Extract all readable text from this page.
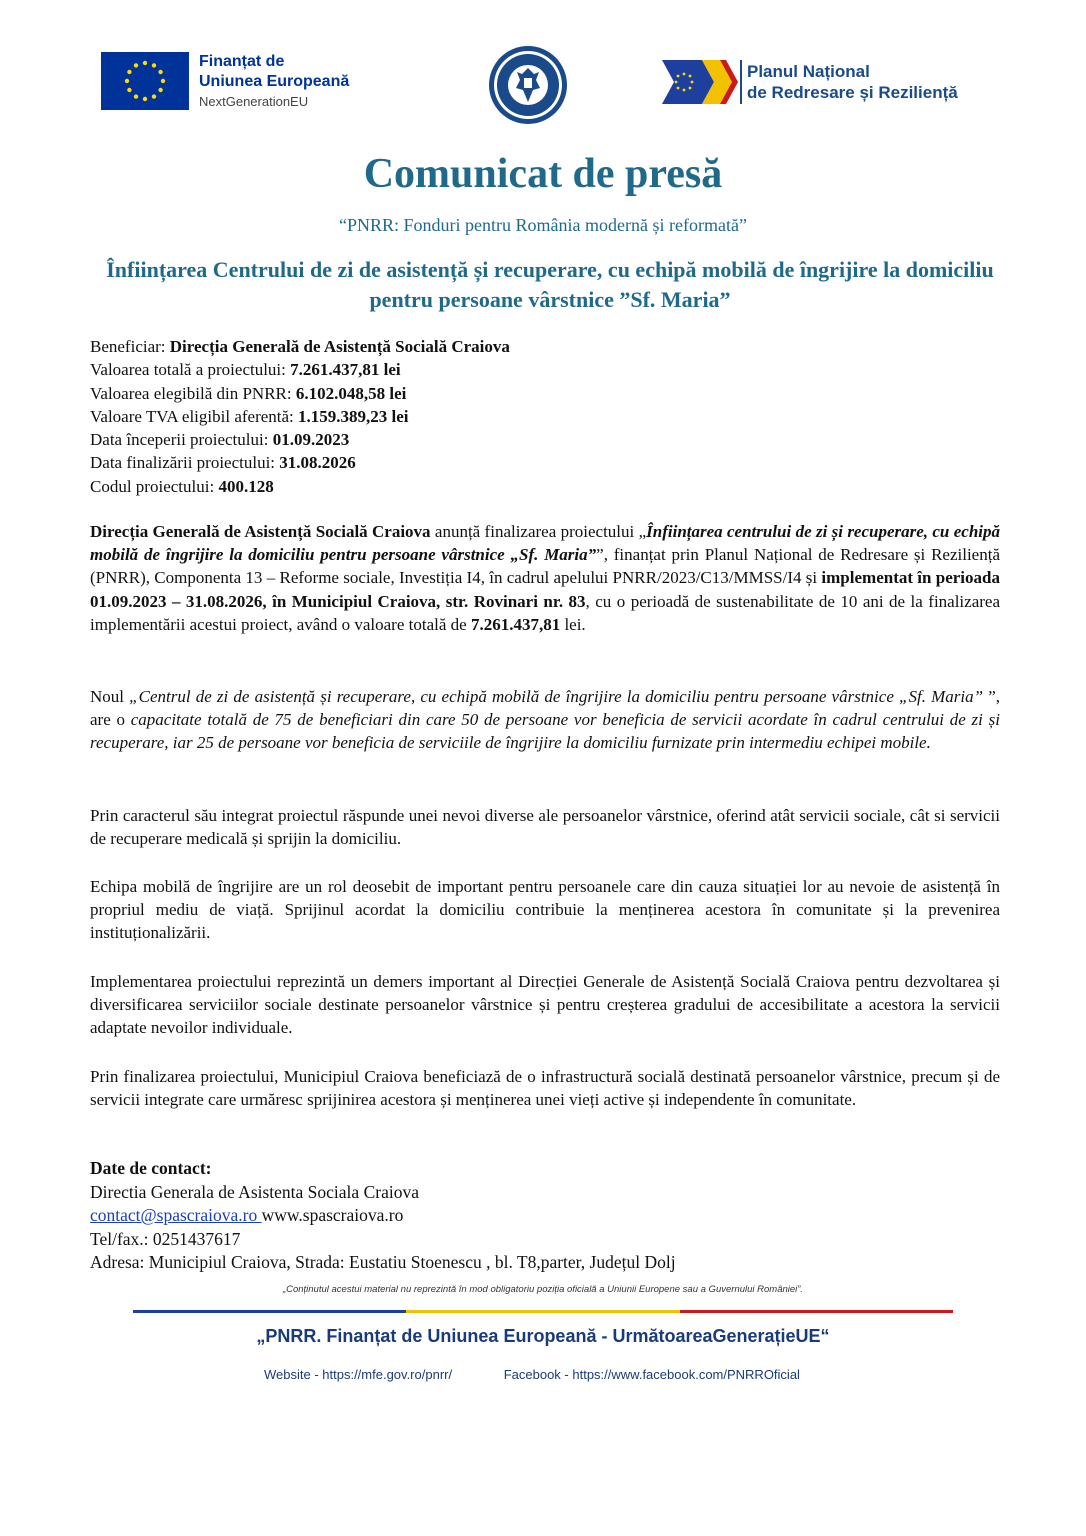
Finanțat de
Uniunea Europeană
NextGenerationEU
Planul Național
de Redresare și Reziliență
Comunicat de presă
“PNRR: Fonduri pentru România modernă și reformată”
Înființarea Centrului de zi de asistență și recuperare, cu echipă mobilă de îngrijire la domiciliu pentru persoane vârstnice ”Sf. Maria”
Beneficiar: Direcția Generală de Asistență Socială Craiova
Valoarea totală a proiectului: 7.261.437,81 lei
Valoarea elegibilă din PNRR: 6.102.048,58 lei
Valoare TVA eligibil aferentă: 1.159.389,23 lei
Data începerii proiectului: 01.09.2023
Data finalizării proiectului: 31.08.2026
Codul proiectului: 400.128
Direcția Generală de Asistență Socială Craiova anunță finalizarea proiectului „Înființarea centrului de zi și recuperare, cu echipă mobilă de îngrijire la domiciliu pentru persoane vârstnice „Sf. Maria””, finanțat prin Planul Național de Redresare și Reziliență (PNRR), Componenta 13 – Reforme sociale, Investiția I4, în cadrul apelului PNRR/2023/C13/MMSS/I4 și implementat în perioada 01.09.2023 – 31.08.2026, în Municipiul Craiova, str. Rovinari nr. 83, cu o perioadă de sustenabilitate de 10 ani de la finalizarea implementării acestui proiect, având o valoare totală de 7.261.437,81 lei.
Noul „Centrul de zi de asistență și recuperare, cu echipă mobilă de îngrijire la domiciliu pentru persoane vârstnice „Sf. Maria” ”, are o capacitate totală de 75 de beneficiari din care 50 de persoane vor beneficia de servicii acordate în cadrul centrului de zi și recuperare, iar 25 de persoane vor beneficia de serviciile de îngrijire la domiciliu furnizate prin intermediu echipei mobile.
Prin caracterul său integrat proiectul răspunde unei nevoi diverse ale persoanelor vârstnice, oferind atât servicii sociale, cât si servicii de recuperare medicală și sprijin la domiciliu.
Echipa mobilă de îngrijire are un rol deosebit de important pentru persoanele care din cauza situației lor au nevoie de asistență în propriul mediu de viață. Sprijinul acordat la domiciliu contribuie la menținerea acestora în comunitate și la prevenirea instituționalizării.
Implementarea proiectului reprezintă un demers important al Direcției Generale de Asistență Socială Craiova pentru dezvoltarea și diversificarea serviciilor sociale destinate persoanelor vârstnice și pentru creșterea gradului de accesibilitate a acestora la servicii adaptate nevoilor individuale.
Prin finalizarea proiectului, Municipiul Craiova beneficiază de o infrastructură socială destinată persoanelor vârstnice, precum și de servicii integrate care urmăresc sprijinirea acestora și menținerea unei vieți active și independente în comunitate.
Date de contact:
Directia Generala de Asistenta Sociala Craiova
contact@spascraiova.ro www.spascraiova.ro
Tel/fax.: 0251437617
Adresa: Municipiul Craiova, Strada: Eustatiu Stoenescu , bl. T8,parter, Județul Dolj
„Conținutul acestui material nu reprezintă în mod obligatoriu poziția oficială a Uniunii Europene sau a Guvernului României”.
„PNRR. Finanțat de Uniunea Europeană - UrmătoareaGenerațieUE“
Website - https://mfe.gov.ro/pnrr/	Facebook - https://www.facebook.com/PNRROficial
